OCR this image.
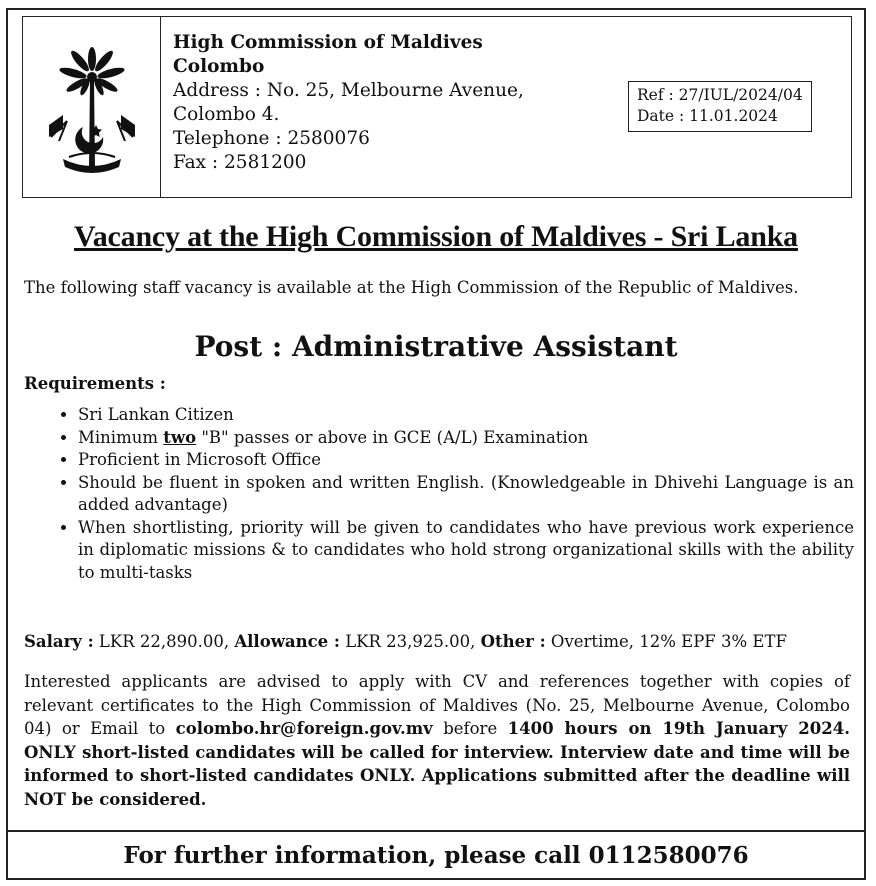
High Commission of Maldives
Colombo
Address : No. 25, Melbourne Avenue,
Colombo 4.
Telephone : 2580076
Fax : 2581200
Ref : 27/IUL/2024/04
Date : 11.01.2024
Vacancy at the High Commission of Maldives - Sri Lanka
The following staff vacancy is available at the High Commission of the Republic of Maldives.
Post : Administrative Assistant
Requirements :
• Sri Lankan Citizen
• Minimum two "B" passes or above in GCE (A/L) Examination
• Proficient in Microsoft Office
• Should be fluent in spoken and written English. (Knowledgeable in Dhivehi Language is an added advantage)
• When shortlisting, priority will be given to candidates who have previous work experience in diplomatic missions & to candidates who hold strong organizational skills with the ability to multi-tasks
Salary : LKR 22,890.00, Allowance : LKR 23,925.00, Other : Overtime, 12% EPF 3% ETF
Interested applicants are advised to apply with CV and references together with copies of relevant certificates to the High Commission of Maldives (No. 25, Melbourne Avenue, Colombo 04) or Email to colombo.hr@foreign.gov.mv before 1400 hours on 19th January 2024. ONLY short-listed candidates will be called for interview. Interview date and time will be informed to short-listed candidates ONLY. Applications submitted after the deadline will NOT be considered.
For further information, please call 0112580076
